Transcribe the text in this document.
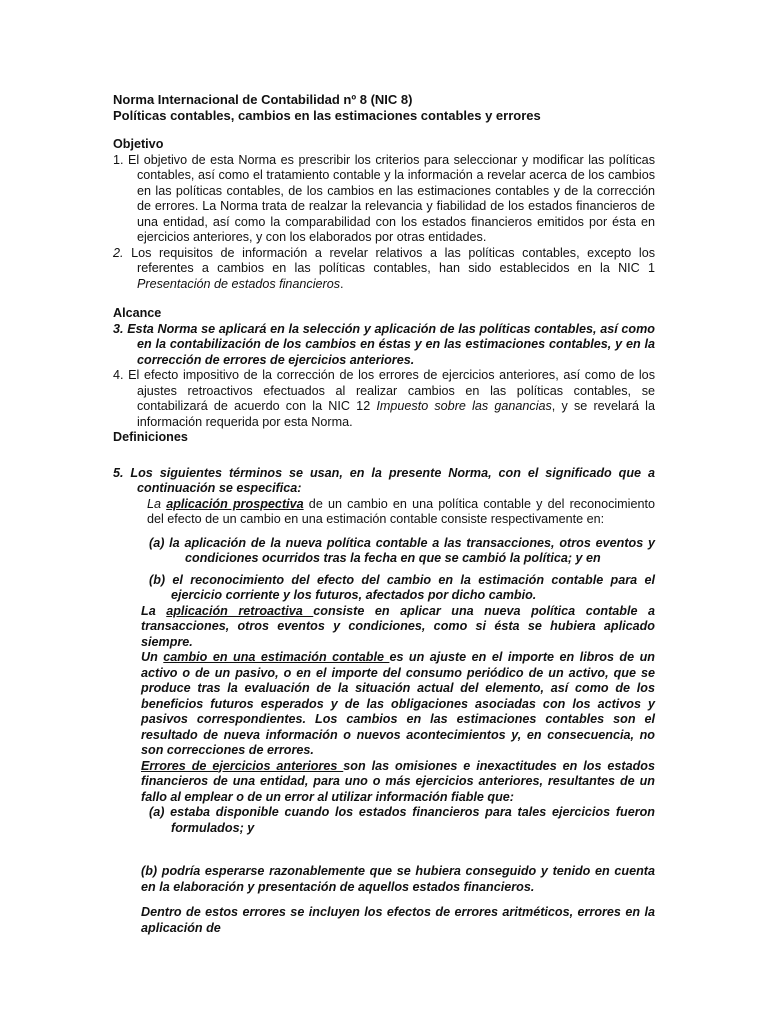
Norma Internacional de Contabilidad nº 8 (NIC 8)

Políticas contables, cambios en las estimaciones contables y errores

Objetivo

1. El objetivo de esta Norma es prescribir los criterios para seleccionar y modificar las políticas contables, así como el tratamiento contable y la información a revelar acerca de los cambios en las políticas contables, de los cambios en las estimaciones contables y de la corrección de errores. La Norma trata de realzar la relevancia y fiabilidad de los estados financieros de una entidad, así como la comparabilidad con los estados financieros emitidos por ésta en ejercicios anteriores, y con los elaborados por otras entidades.

2. Los requisitos de información a revelar relativos a las políticas contables, excepto los referentes a cambios en las políticas contables, han sido establecidos en la NIC 1 Presentación de estados financieros.

Alcance

3. Esta Norma se aplicará en la selección y aplicación de las políticas contables, así como en la contabilización de los cambios en éstas y en las estimaciones contables, y en la corrección de errores de ejercicios anteriores.

4. El efecto impositivo de la corrección de los errores de ejercicios anteriores, así como de los ajustes retroactivos efectuados al realizar cambios en las políticas contables, se contabilizará de acuerdo con la NIC 12 Impuesto sobre las ganancias, y se revelará la información requerida por esta Norma.

Definiciones

5. Los siguientes términos se usan, en la presente Norma, con el significado que a continuación se especifica:

La aplicación prospectiva de un cambio en una política contable y del reconocimiento del efecto de un cambio en una estimación contable consiste respectivamente en:

(a) la aplicación de la nueva política contable a las transacciones, otros eventos y condiciones ocurridos tras la fecha en que se cambió la política; y en

(b) el reconocimiento del efecto del cambio en la estimación contable para el ejercicio corriente y los futuros, afectados por dicho cambio.

La aplicación retroactiva consiste en aplicar una nueva política contable a transacciones, otros eventos y condiciones, como si ésta se hubiera aplicado siempre.

Un cambio en una estimación contable es un ajuste en el importe en libros de un activo o de un pasivo, o en el importe del consumo periódico de un activo, que se produce tras la evaluación de la situación actual del elemento, así como de los beneficios futuros esperados y de las obligaciones asociadas con los activos y pasivos correspondientes. Los cambios en las estimaciones contables son el resultado de nueva información o nuevos acontecimientos y, en consecuencia, no son correcciones de errores.

Errores de ejercicios anteriores son las omisiones e inexactitudes en los estados financieros de una entidad, para uno o más ejercicios anteriores, resultantes de un fallo al emplear o de un error al utilizar información fiable que:

(a) estaba disponible cuando los estados financieros para tales ejercicios fueron formulados; y

(b) podría esperarse razonablemente que se hubiera conseguido y tenido en cuenta en la elaboración y presentación de aquellos estados financieros.

Dentro de estos errores se incluyen los efectos de errores aritméticos, errores en la aplicación de
